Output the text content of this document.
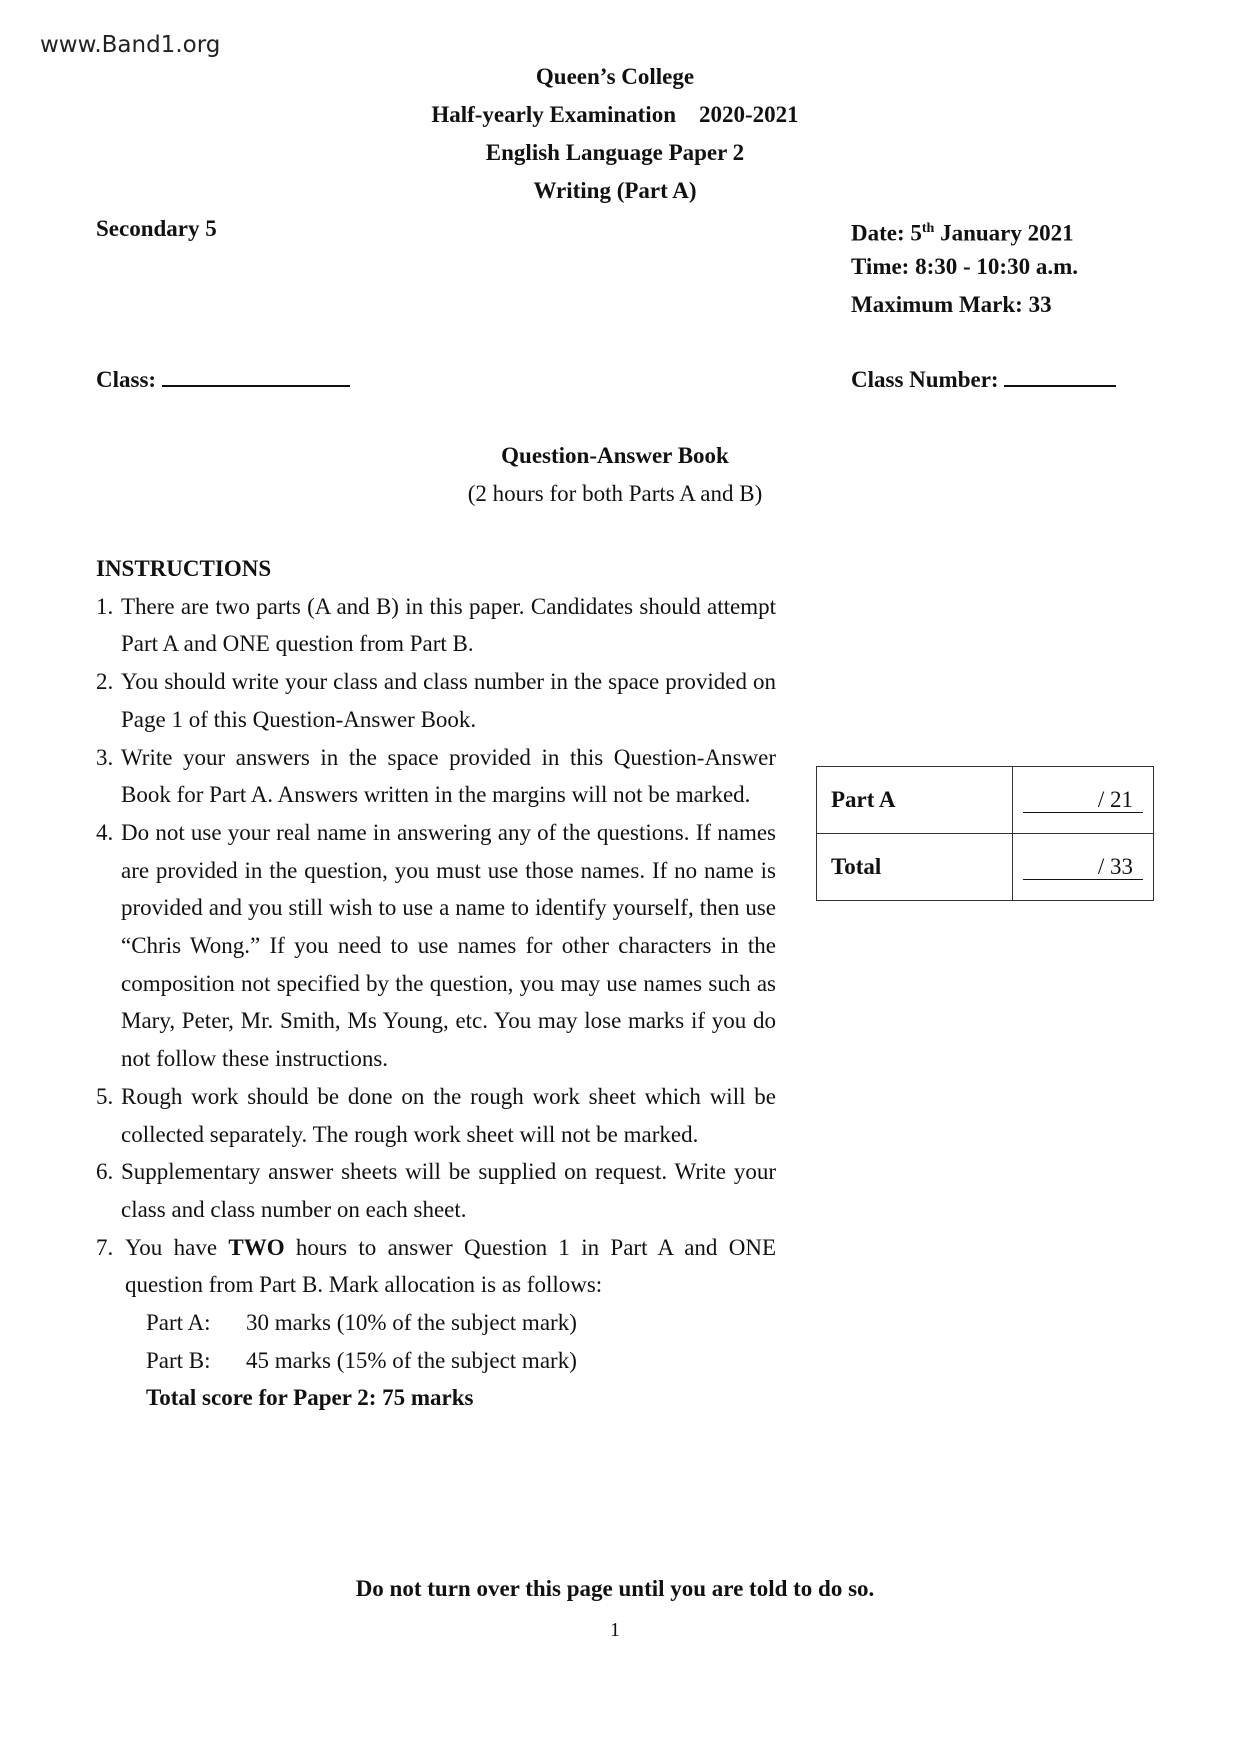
www.Band1.org
Queen’s College
Half-yearly Examination 2020-2021
English Language Paper 2
Writing (Part A)
Secondary 5	Date: 5th January 2021
Time: 8:30 - 10:30 a.m.
Maximum Mark: 33
Class:	Class Number:
Question-Answer Book
(2 hours for both Parts A and B)
INSTRUCTIONS
1. There are two parts (A and B) in this paper. Candidates should attempt Part A and ONE question from Part B.
2. You should write your class and class number in the space provided on Page 1 of this Question-Answer Book.
3. Write your answers in the space provided in this Question-Answer Book for Part A. Answers written in the margins will not be marked.
4. Do not use your real name in answering any of the questions. If names are provided in the question, you must use those names. If no name is provided and you still wish to use a name to identify yourself, then use “Chris Wong.” If you need to use names for other characters in the composition not specified by the question, you may use names such as Mary, Peter, Mr. Smith, Ms Young, etc. You may lose marks if you do not follow these instructions.
5. Rough work should be done on the rough work sheet which will be collected separately. The rough work sheet will not be marked.
6. Supplementary answer sheets will be supplied on request. Write your class and class number on each sheet.
7. You have TWO hours to answer Question 1 in Part A and ONE question from Part B. Mark allocation is as follows:
Part A: 30 marks (10% of the subject mark)
Part B: 45 marks (15% of the subject mark)
Total score for Paper 2: 75 marks
Part A	/ 21

Total	/ 33
Do not turn over this page until you are told to do so.
1
